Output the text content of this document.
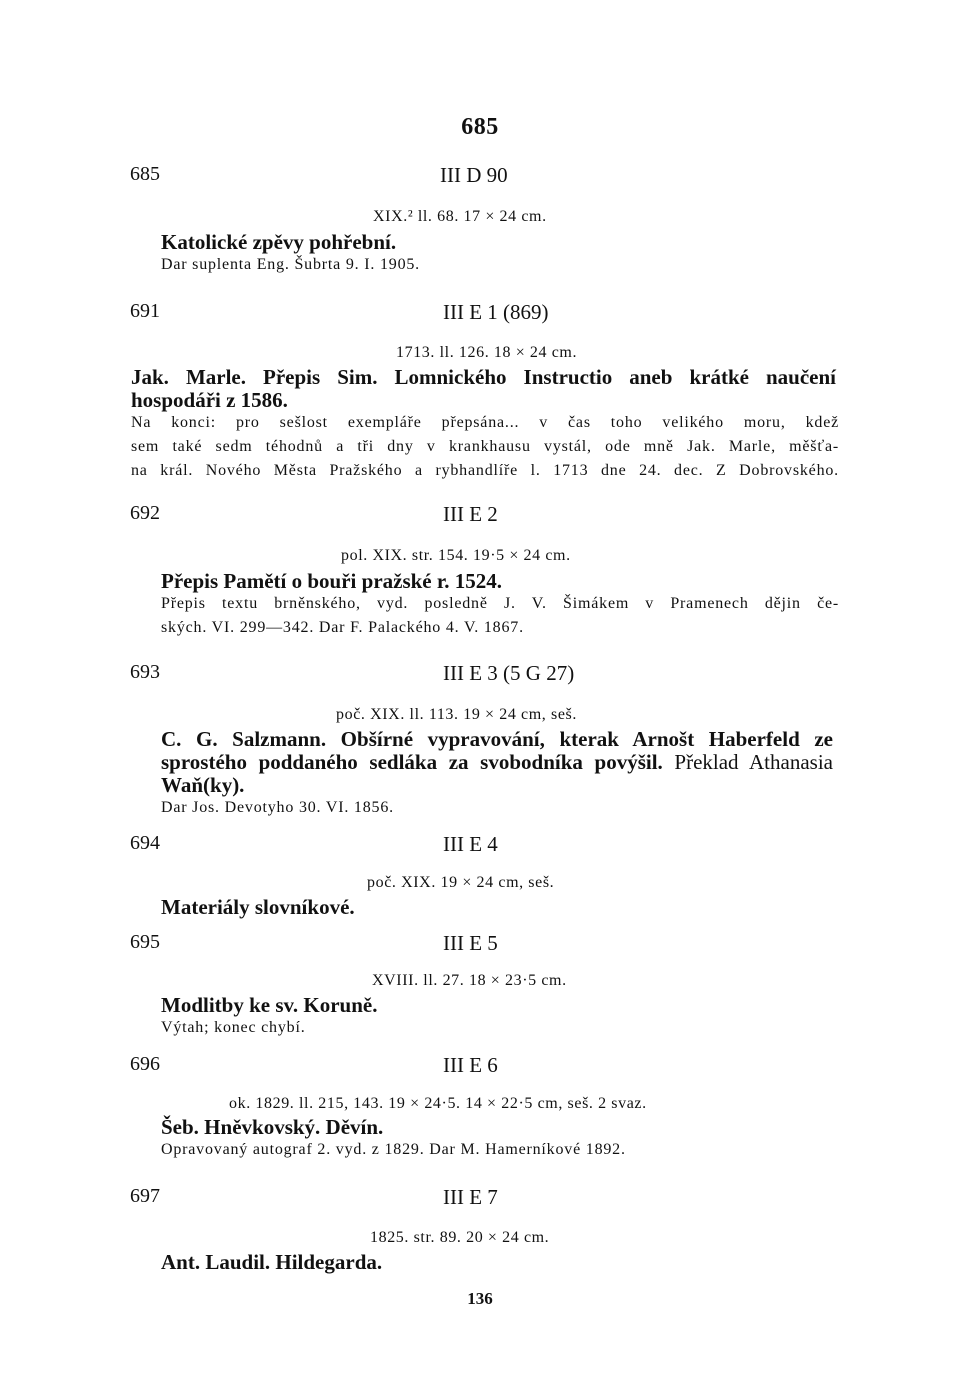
685
685	III D 90
XIX.² ll. 68. 17 × 24 cm.
Katolické zpěvy pohřební.
Dar suplenta Eng. Šubrta 9. I. 1905.
691	III E 1 (869)
1713. ll. 126. 18 × 24 cm.
Jak. Marle. Přepis Sim. Lomnického Instructio aneb krátké naučení
hospodáři z 1586.
Na konci: pro sešlost exempláře přepsána... v čas toho velikého moru, kdež
sem také sedm téhodnů a tři dny v krankhausu vystál, ode mně Jak. Marle, měšťa-
na král. Nového Města Pražského a rybhandlíře l. 1713 dne 24. dec. Z Dobrovského.
692	III E 2
pol. XIX. str. 154. 19·5 × 24 cm.
Přepis Pamětí o bouři pražské r. 1524.
Přepis textu brněnského, vyd. posledně J. V. Šimákem v Pramenech dějin če-
ských. VI. 299—342. Dar F. Palackého 4. V. 1867.
693	III E 3 (5 G 27)
poč. XIX. ll. 113. 19 × 24 cm, seš.
C. G. Salzmann. Obšírné vypravování, kterak Arnošt Haberfeld ze
sprostého poddaného sedláka za svobodníka povýšil. Překlad Athanasia
Waň(ky).
Dar Jos. Devotyho 30. VI. 1856.
694	III E 4
poč. XIX. 19 × 24 cm, seš.
Materiály slovníkové.
695	III E 5
XVIII. ll. 27. 18 × 23·5 cm.
Modlitby ke sv. Koruně.
Výtah; konec chybí.
696	III E 6
ok. 1829. ll. 215, 143. 19 × 24·5. 14 × 22·5 cm, seš. 2 svaz.
Šeb. Hněvkovský. Děvín.
Opravovaný autograf 2. vyd. z 1829. Dar M. Hamerníkové 1892.
697	III E 7
1825. str. 89. 20 × 24 cm.
Ant. Laudil. Hildegarda.
136
